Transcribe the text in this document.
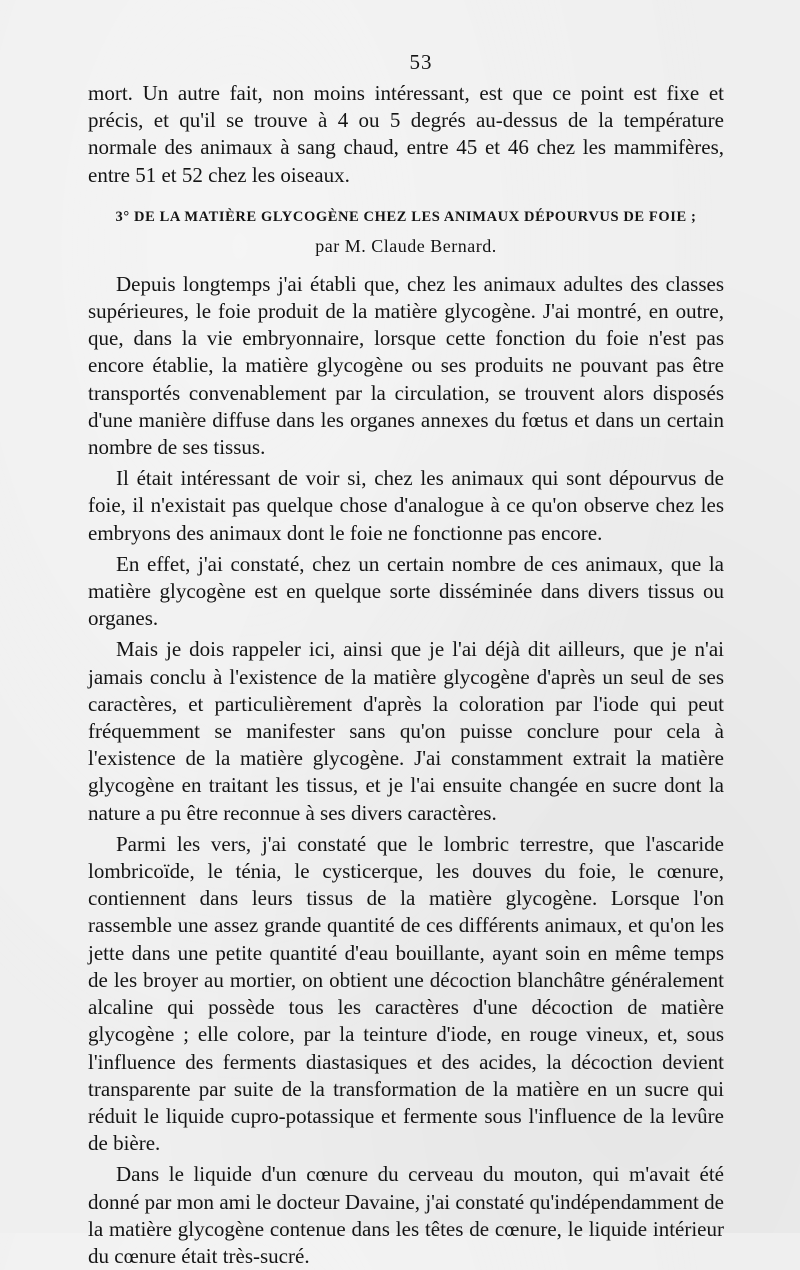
53

mort. Un autre fait, non moins intéressant, est que ce point est fixe et précis, et qu'il se trouve à 4 ou 5 degrés au-dessus de la température normale des animaux à sang chaud, entre 45 et 46 chez les mammifères, entre 51 et 52 chez les oiseaux.

3° DE LA MATIÈRE GLYCOGÈNE CHEZ LES ANIMAUX DÉPOURVUS DE FOIE ;

par M. Claude Bernard.

Depuis longtemps j'ai établi que, chez les animaux adultes des classes supérieures, le foie produit de la matière glycogène. J'ai montré, en outre, que, dans la vie embryonnaire, lorsque cette fonction du foie n'est pas encore établie, la matière glycogène ou ses produits ne pouvant pas être transportés convenablement par la circulation, se trouvent alors disposés d'une manière diffuse dans les organes annexes du fœtus et dans un certain nombre de ses tissus.

Il était intéressant de voir si, chez les animaux qui sont dépourvus de foie, il n'existait pas quelque chose d'analogue à ce qu'on observe chez les embryons des animaux dont le foie ne fonctionne pas encore.

En effet, j'ai constaté, chez un certain nombre de ces animaux, que la matière glycogène est en quelque sorte disséminée dans divers tissus ou organes.

Mais je dois rappeler ici, ainsi que je l'ai déjà dit ailleurs, que je n'ai jamais conclu à l'existence de la matière glycogène d'après un seul de ses caractères, et particulièrement d'après la coloration par l'iode qui peut fréquemment se manifester sans qu'on puisse conclure pour cela à l'existence de la matière glycogène. J'ai constamment extrait la matière glycogène en traitant les tissus, et je l'ai ensuite changée en sucre dont la nature a pu être reconnue à ses divers caractères.

Parmi les vers, j'ai constaté que le lombric terrestre, que l'ascaride lombricoïde, le ténia, le cysticerque, les douves du foie, le cœnure, contiennent dans leurs tissus de la matière glycogène. Lorsque l'on rassemble une assez grande quantité de ces différents animaux, et qu'on les jette dans une petite quantité d'eau bouillante, ayant soin en même temps de les broyer au mortier, on obtient une décoction blanchâtre généralement alcaline qui possède tous les caractères d'une décoction de matière glycogène ; elle colore, par la teinture d'iode, en rouge vineux, et, sous l'influence des ferments diastasiques et des acides, la décoction devient transparente par suite de la transformation de la matière en un sucre qui réduit le liquide cupro-potassique et fermente sous l'influence de la levûre de bière.

Dans le liquide d'un cœnure du cerveau du mouton, qui m'avait été donné par mon ami le docteur Davaine, j'ai constaté qu'indépendamment de la matière glycogène contenue dans les têtes de cœnure, le liquide intérieur du cœnure était très-sucré.
